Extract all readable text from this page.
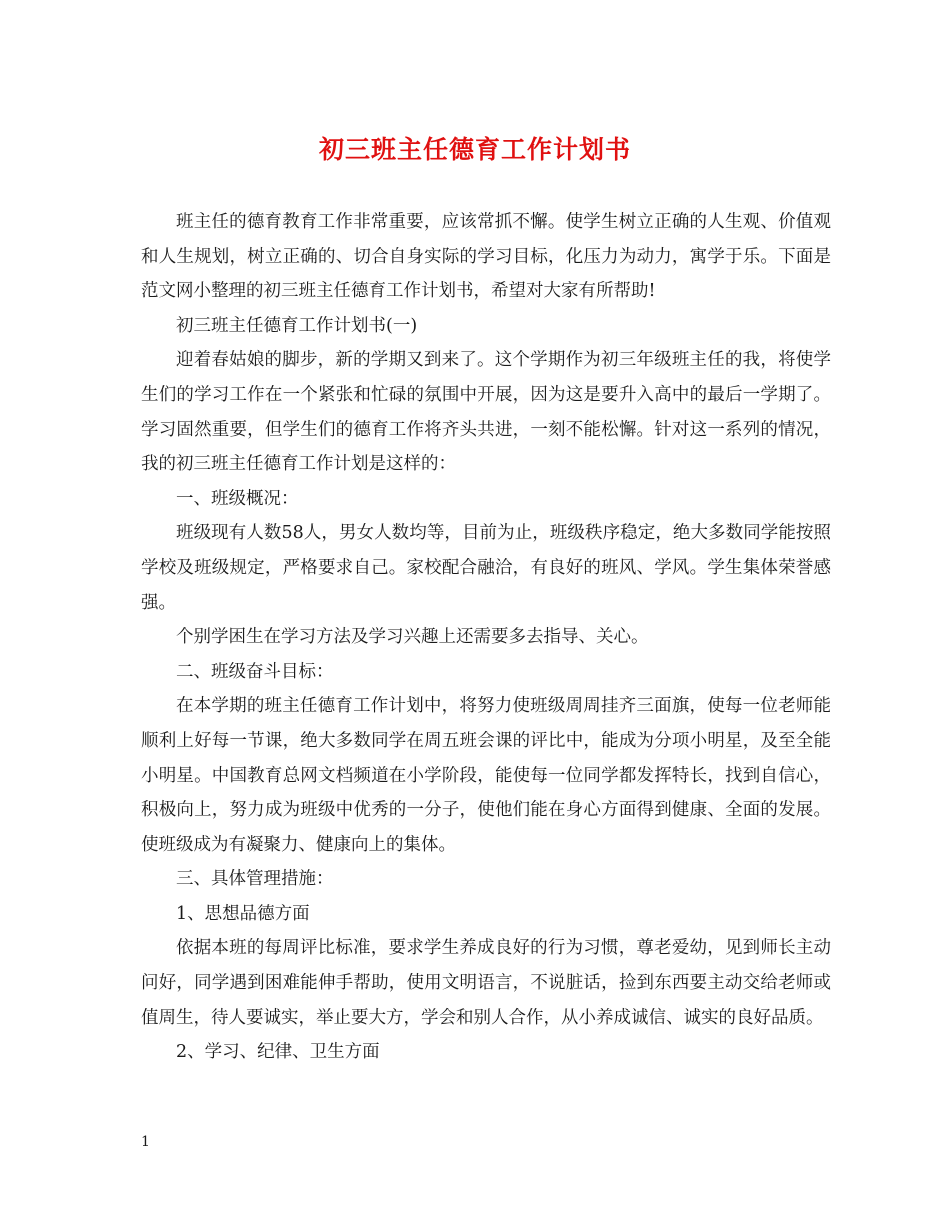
初三班主任德育工作计划书

班主任的德育教育工作非常重要，应该常抓不懈。使学生树立正确的人生观、价值观和人生规划，树立正确的、切合自身实际的学习目标，化压力为动力，寓学于乐。下面是范文网小整理的初三班主任德育工作计划书，希望对大家有所帮助!

初三班主任德育工作计划书(一)

迎着春姑娘的脚步，新的学期又到来了。这个学期作为初三年级班主任的我，将使学生们的学习工作在一个紧张和忙碌的氛围中开展，因为这是要升入高中的最后一学期了。学习固然重要，但学生们的德育工作将齐头共进，一刻不能松懈。针对这一系列的情况，我的初三班主任德育工作计划是这样的：

一、班级概况：

班级现有人数58人，男女人数均等，目前为止，班级秩序稳定，绝大多数同学能按照学校及班级规定，严格要求自己。家校配合融洽，有良好的班风、学风。学生集体荣誉感强。

个别学困生在学习方法及学习兴趣上还需要多去指导、关心。

二、班级奋斗目标：

在本学期的班主任德育工作计划中，将努力使班级周周挂齐三面旗，使每一位老师能顺利上好每一节课，绝大多数同学在周五班会课的评比中，能成为分项小明星，及至全能小明星。中国教育总网文档频道在小学阶段，能使每一位同学都发挥特长，找到自信心，积极向上，努力成为班级中优秀的一分子，使他们能在身心方面得到健康、全面的发展。使班级成为有凝聚力、健康向上的集体。

三、具体管理措施：

1、思想品德方面

依据本班的每周评比标准，要求学生养成良好的行为习惯，尊老爱幼，见到师长主动问好，同学遇到困难能伸手帮助，使用文明语言，不说脏话，捡到东西要主动交给老师或值周生，待人要诚实，举止要大方，学会和别人合作，从小养成诚信、诚实的良好品质。

2、学习、纪律、卫生方面

1
